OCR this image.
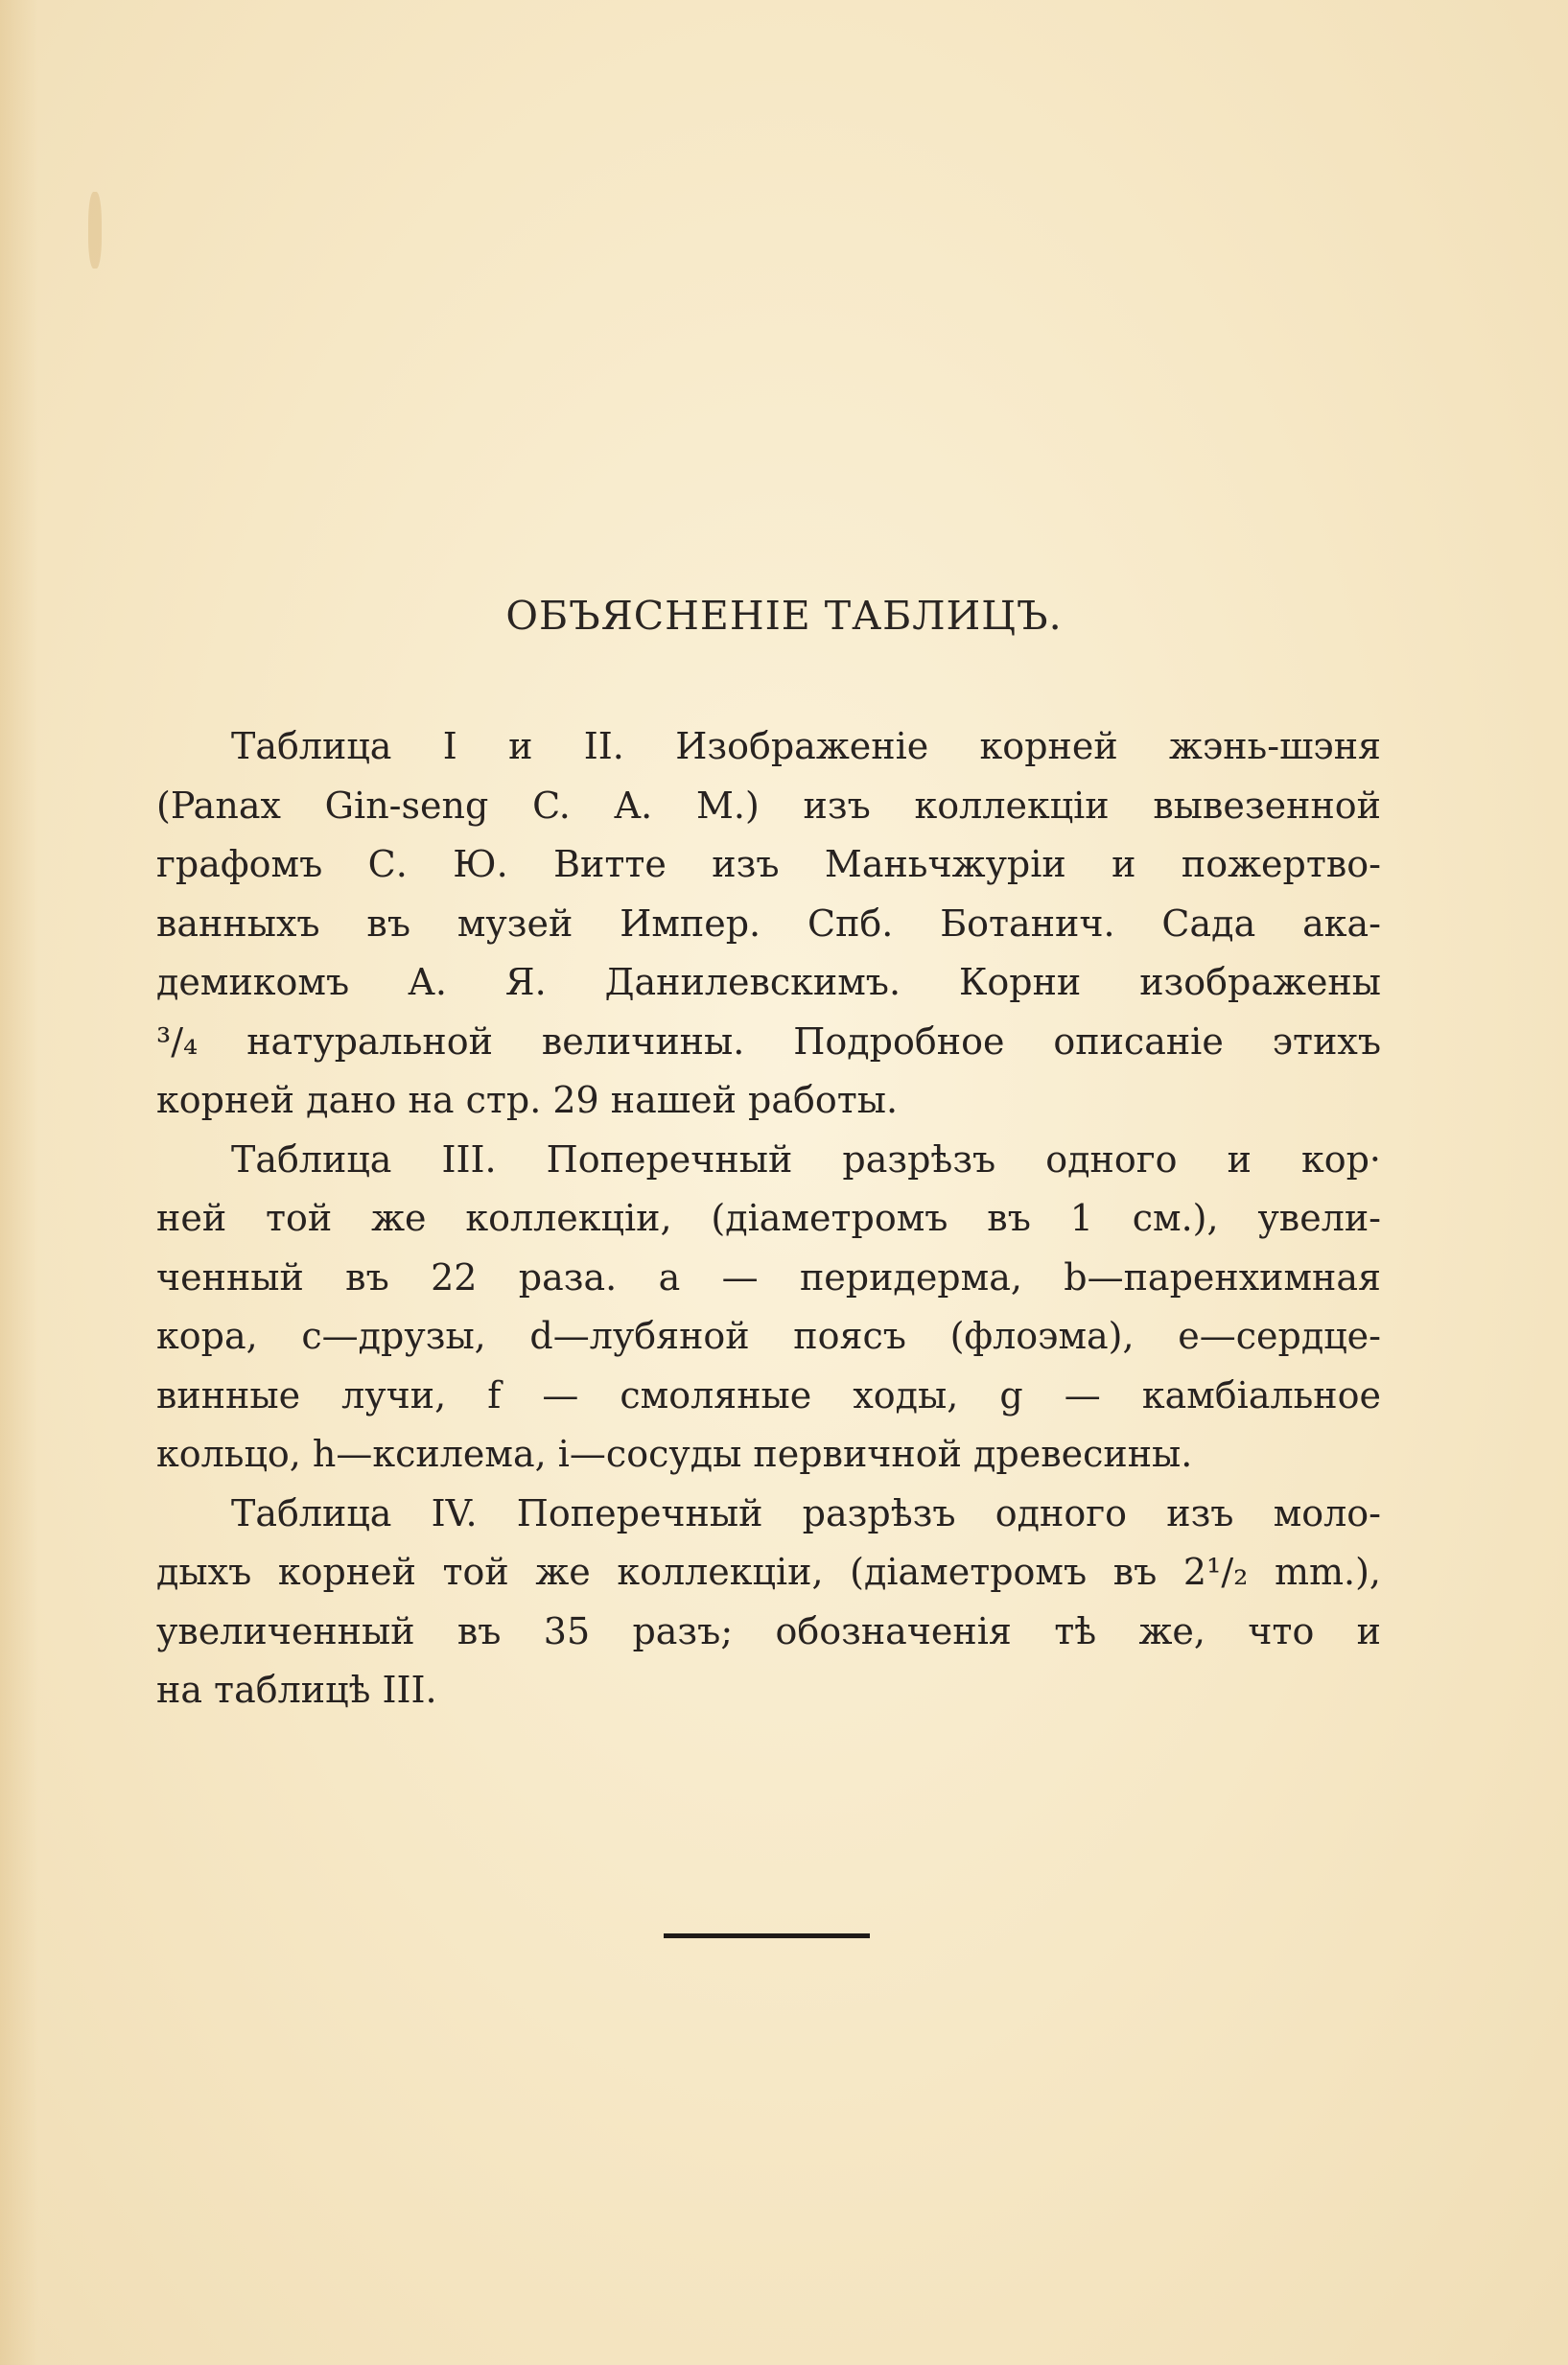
ОБЪЯСНЕНІЕ ТАБЛИЦЪ.
Таблица I и II. Изображеніе корней жэнь-шэня
(Panax Gin-seng C. A. M.) изъ коллекціи вывезенной
графомъ С. Ю. Витте изъ Маньчжуріи и пожертво-
ванныхъ въ музей Импер. Спб. Ботанич. Сада ака-
демикомъ А. Я. Данилевскимъ. Корни изображены
³/₄ натуральной величины. Подробное описаніе этихъ
корней дано на стр. 29 нашей работы.
Таблица III. Поперечный разрѣзъ одного и кор·
ней той же коллекціи, (діаметромъ въ 1 см.), увели-
ченный въ 22 раза. a — перидерма, b—паренхимная
кора, c—друзы, d—лубяной поясъ (флоэма), e—сердце-
винные лучи, f — смоляные ходы, g — камбіальное
кольцо, h—ксилема, i—сосуды первичной древесины.
Таблица IV. Поперечный разрѣзъ одного изъ моло-
дыхъ корней той же коллекціи, (діаметромъ въ 2¹/₂ mm.),
увеличенный въ 35 разъ; обозначенія тѣ же, что и
на таблицѣ III.
